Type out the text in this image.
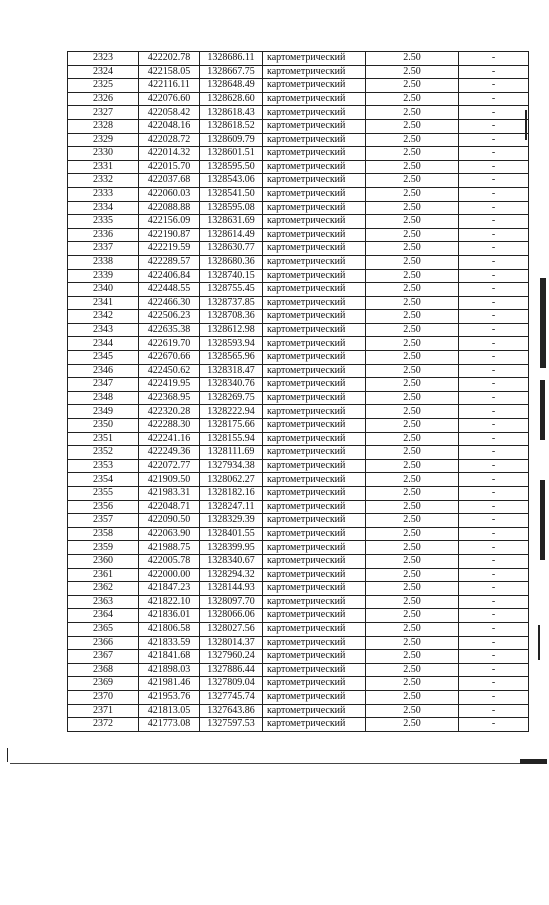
2323	422202.78	1328686.11	картометрический	2.50	-
2324	422158.05	1328667.75	картометрический	2.50	-
2325	422116.11	1328648.49	картометрический	2.50	-
2326	422076.60	1328628.60	картометрический	2.50	-
2327	422058.42	1328618.43	картометрический	2.50	-
2328	422048.16	1328618.52	картометрический	2.50	-
2329	422028.72	1328609.79	картометрический	2.50	-
2330	422014.32	1328601.51	картометрический	2.50	-
2331	422015.70	1328595.50	картометрический	2.50	-
2332	422037.68	1328543.06	картометрический	2.50	-
2333	422060.03	1328541.50	картометрический	2.50	-
2334	422088.88	1328595.08	картометрический	2.50	-
2335	422156.09	1328631.69	картометрический	2.50	-
2336	422190.87	1328614.49	картометрический	2.50	-
2337	422219.59	1328630.77	картометрический	2.50	-
2338	422289.57	1328680.36	картометрический	2.50	-
2339	422406.84	1328740.15	картометрический	2.50	-
2340	422448.55	1328755.45	картометрический	2.50	-
2341	422466.30	1328737.85	картометрический	2.50	-
2342	422506.23	1328708.36	картометрический	2.50	-
2343	422635.38	1328612.98	картометрический	2.50	-
2344	422619.70	1328593.94	картометрический	2.50	-
2345	422670.66	1328565.96	картометрический	2.50	-
2346	422450.62	1328318.47	картометрический	2.50	-
2347	422419.95	1328340.76	картометрический	2.50	-
2348	422368.95	1328269.75	картометрический	2.50	-
2349	422320.28	1328222.94	картометрический	2.50	-
2350	422288.30	1328175.66	картометрический	2.50	-
2351	422241.16	1328155.94	картометрический	2.50	-
2352	422249.36	1328111.69	картометрический	2.50	-
2353	422072.77	1327934.38	картометрический	2.50	-
2354	421909.50	1328062.27	картометрический	2.50	-
2355	421983.31	1328182.16	картометрический	2.50	-
2356	422048.71	1328247.11	картометрический	2.50	-
2357	422090.50	1328329.39	картометрический	2.50	-
2358	422063.90	1328401.55	картометрический	2.50	-
2359	421988.75	1328399.95	картометрический	2.50	-
2360	422005.78	1328340.67	картометрический	2.50	-
2361	422000.00	1328294.32	картометрический	2.50	-
2362	421847.23	1328144.93	картометрический	2.50	-
2363	421822.10	1328097.70	картометрический	2.50	-
2364	421836.01	1328066.06	картометрический	2.50	-
2365	421806.58	1328027.56	картометрический	2.50	-
2366	421833.59	1328014.37	картометрический	2.50	-
2367	421841.68	1327960.24	картометрический	2.50	-
2368	421898.03	1327886.44	картометрический	2.50	-
2369	421981.46	1327809.04	картометрический	2.50	-
2370	421953.76	1327745.74	картометрический	2.50	-
2371	421813.05	1327643.86	картометрический	2.50	-
2372	421773.08	1327597.53	картометрический	2.50	-
